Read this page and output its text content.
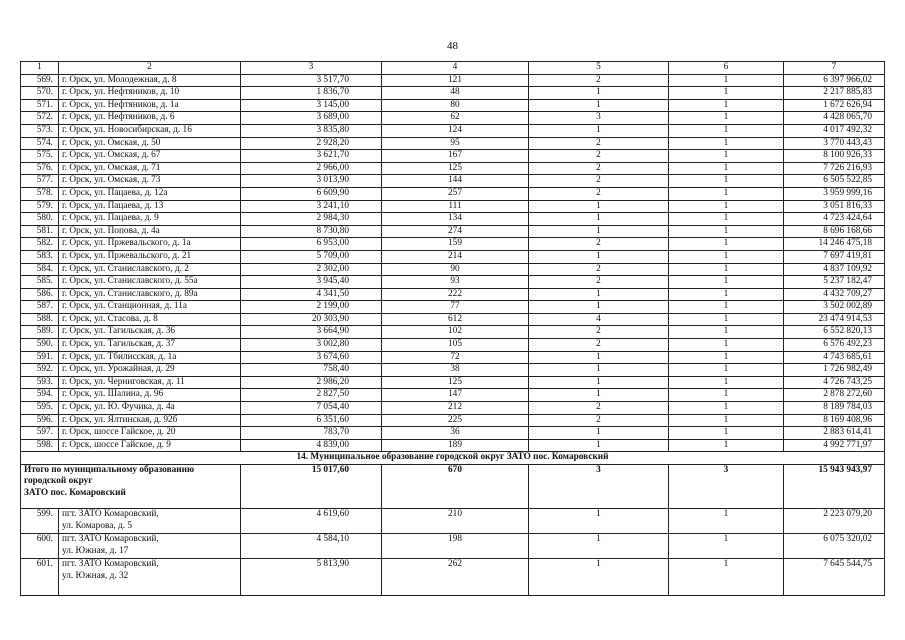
48
1	2	3	4	5	6	7
569.	г. Орск, ул. Молодежная, д. 8	3 517,70	121	2	1	6 397 966,02
570.	г. Орск, ул. Нефтяников, д. 10	1 836,70	48	1	1	2 217 885,83
571.	г. Орск, ул. Нефтяников, д. 1а	3 145,00	80	1	1	1 672 626,94
572.	г. Орск, ул. Нефтяников, д. 6	3 689,00	62	3	1	4 428 065,70
573.	г. Орск, ул. Новосибирская, д. 16	3 835,80	124	1	1	4 017 492,32
574.	г. Орск, ул. Омская, д. 50	2 928,20	95	2	1	3 770 443,43
575.	г. Орск, ул. Омская, д. 67	3 621,70	167	2	1	8 100 926,33
576.	г. Орск, ул. Омская, д. 71	2 966,00	125	2	1	7 726 216,93
577.	г. Орск, ул. Омская, д. 73	3 013,90	144	2	1	6 505 522,85
578.	г. Орск, ул. Пацаева, д. 12а	6 609,90	257	2	1	3 959 999,16
579.	г. Орск, ул. Пацаева, д. 13	3 241,10	111	1	1	3 051 816,33
580.	г. Орск, ул. Пацаева, д. 9	2 984,30	134	1	1	4 723 424,64
581.	г. Орск, ул. Попова, д. 4а	8 730,80	274	1	1	8 696 168,66
582.	г. Орск, ул. Пржевальского, д. 1а	6 953,00	159	2	1	14 246 475,18
583.	г. Орск, ул. Пржевальского, д. 21	5 709,00	214	1	1	7 697 419,81
584.	г. Орск, ул. Станиславского, д. 2	2 302,00	90	2	1	4 837 109,92
585.	г. Орск, ул. Станиславского, д. 55а	3 945,40	93	2	1	5 237 182,47
586.	г. Орск, ул. Станиславского, д. 89а	4 341,50	222	1	1	4 432 709,27
587.	г. Орск, ул. Станционная, д. 11а	2 199,00	77	1	1	3 502 002,89
588.	г. Орск, ул. Стасова, д. 8	20 303,90	612	4	1	23 474 914,53
589.	г. Орск, ул. Тагильская, д. 36	3 664,90	102	2	1	6 552 820,13
590.	г. Орск, ул. Тагильская, д. 37	3 002,80	105	2	1	6 576 492,23
591.	г. Орск, ул. Тбилисская, д. 1а	3 674,60	72	1	1	4 743 685,61
592.	г. Орск, ул. Урожайная, д. 29	758,40	38	1	1	1 726 982,49
593.	г. Орск, ул. Черниговская, д. 11	2 986,20	125	1	1	4 726 743,25
594.	г. Орск, ул. Шалина, д. 96	2 827,50	147	1	1	2 878 272,60
595.	г. Орск, ул. Ю. Фучика, д. 4а	7 054,40	212	2	1	8 189 784,03
596.	г. Орск, ул. Ялтинская, д. 92б	6 351,60	225	2	1	8 169 408,96
597.	г. Орск, шоссе Гайское, д. 20	783,70	36	1	1	2 883 614,41
598.	г. Орск, шоссе Гайское, д. 9	4 839,00	189	1	1	4 992 771,97
14. Муниципальное образование городской округ ЗАТО пос. Комаровский						
Итого по муниципальному образованию
городской округ
ЗАТО пос. Комаровский		15 017,60	670	3	3	15 943 943,97
599.	пгт. ЗАТО Комаровский,
ул. Комарова, д. 5	4 619,60	210	1	1	2 223 079,20
600.	пгт. ЗАТО Комаровский,
ул. Южная, д. 17	4 584,10	198	1	1	6 075 320,02
601.	пгт. ЗАТО Комаровский,
ул. Южная, д. 32	5 813,90	262	1	1	7 645 544,75
